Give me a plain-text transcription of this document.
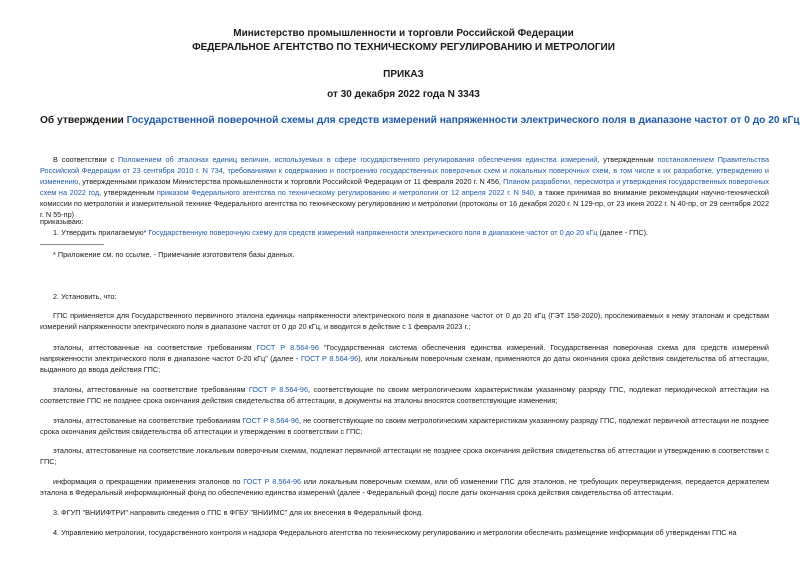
Министерство промышленности и торговли Российской Федерации

ФЕДЕРАЛЬНОЕ АГЕНТСТВО ПО ТЕХНИЧЕСКОМУ РЕГУЛИРОВАНИЮ И МЕТРОЛОГИИ

ПРИКАЗ

от 30 декабря 2022 года N 3343

Об утверждении Государственной поверочной схемы для средств измерений напряженности электрического поля в диапазоне частот от 0 до 20 кГц

В соответствии с Положением об эталонах единиц величин, используемых в сфере государственного регулирования обеспечения единства измерений, утвержденным постановлением Правительства Российской Федерации от 23 сентября 2010 г. N 734, требованиями к содержанию и построению государственных поверочных схем и локальных поверочных схем, в том числе к их разработке, утверждению и изменению, утвержденными приказом Министерства промышленности и торговли Российской Федерации от 11 февраля 2020 г. N 456, Планом разработки, пересмотра и утверждения государственных поверочных схем на 2022 год, утвержденным приказом Федерального агентства по техническому регулированию и метрологии от 12 апреля 2022 г. N 940, а также принимая во внимание рекомендации научно-технической комиссии по метрологии и измерительной технике Федерального агентства по техническому регулированию и метрологии (протоколы от 16 декабря 2020 г. N 129-пр, от 23 июня 2022 г. N 40-пр, от 29 сентября 2022 г. N 55-пр)

приказываю:

1. Утвердить прилагаемую* Государственную поверочную схему для средств измерений напряженности электрического поля в диапазоне частот от 0 до 20 кГц (далее - ГПС).

* Приложение см. по ссылке. - Примечание изготовителя базы данных.

2. Установить, что:

ГПС применяется для Государственного первичного эталона единицы напряженности электрического поля в диапазоне частот от 0 до 20 кГц (ГЭТ 158-2020), прослеживаемых к нему эталонам и средствам измерений напряженности электрического поля в диапазоне частот от 0 до 20 кГц, и вводится в действие с 1 февраля 2023 г.;

эталоны, аттестованные на соответствие требованиям ГОСТ Р 8.564-96 "Государственная система обеспечения единства измерений. Государственная поверочная схема для средств измерений напряженности электрического поля в диапазоне частот 0-20 кГц" (далее - ГОСТ Р 8.564-96), или локальным поверочным схемам, применяются до даты окончания срока действия свидетельства об аттестации, выданного до ввода действия ГПС;

эталоны, аттестованные на соответствие требованиям ГОСТ Р 8.564-96, соответствующие по своим метрологическим характеристикам указанному разряду ГПС, подлежат периодической аттестации на соответствие ГПС не позднее срока окончания действия свидетельства об аттестации, в документы на эталоны вносятся соответствующие изменения;

эталоны, аттестованные на соответствие требованиям ГОСТ Р 8.564-96, не соответствующие по своим метрологическим характеристикам указанному разряду ГПС, подлежат первичной аттестации не позднее срока окончания действия свидетельства об аттестации и утверждению в соответствии с ГПС;

эталоны, аттестованные на соответствие локальным поверочным схемам, подлежат первичной аттестации не позднее срока окончания действия свидетельства об аттестации и утверждению в соответствии с ГПС;

информация о прекращении применения эталонов по ГОСТ Р 8.564-96 или локальным поверочным схемам, или об изменении ГПС для эталонов, не требующих переутверждения, передается держателем эталона в Федеральный информационный фонд по обеспечению единства измерений (далее - Федеральный фонд) после даты окончания срока действия свидетельства об аттестации.

3. ФГУП "ВНИИФТРИ" направить сведения о ГПС в ФГБУ "ВНИИМС" для их внесения в Федеральный фонд.

4. Управлению метрологии, государственного контроля и надзора Федерального агентства по техническому регулированию и метрологии обеспечить размещение информации об утверждении ГПС на
